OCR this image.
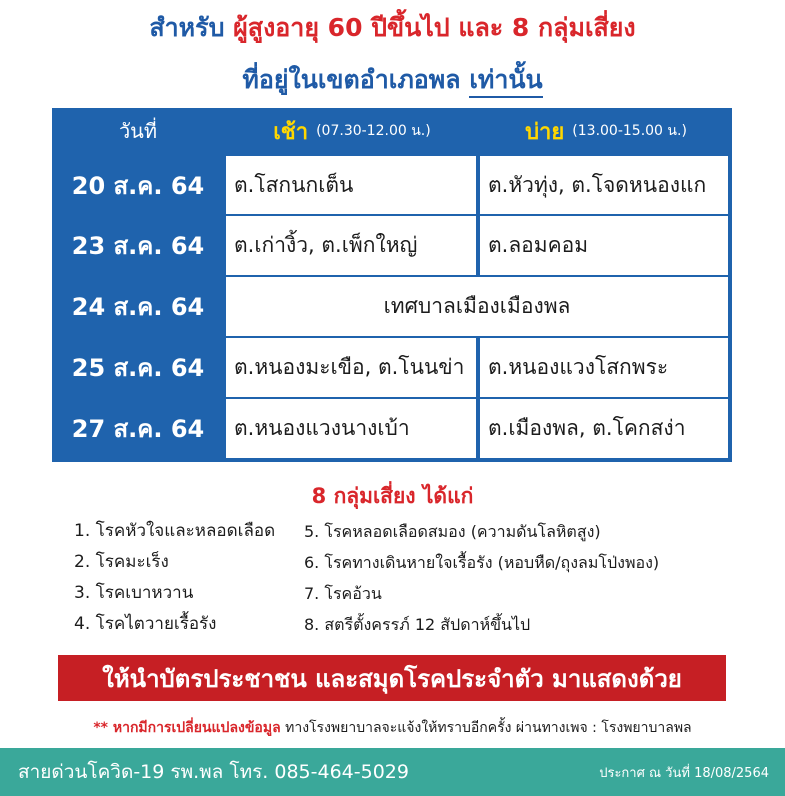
สำหรับ ผู้สูงอายุ 60 ปีขึ้นไป และ 8 กลุ่มเสี่ยง
ที่อยู่ในเขตอำเภอพล เท่านั้น
วันที่	เช้า (07.30-12.00 น.)	บ่าย (13.00-15.00 น.)
20 ส.ค. 64	ต.โสกนกเต็น	ต.หัวทุ่ง, ต.โจดหนองแก
23 ส.ค. 64	ต.เก่างิ้ว, ต.เพ็กใหญ่	ต.ลอมคอม
24 ส.ค. 64	เทศบาลเมืองเมืองพล
25 ส.ค. 64	ต.หนองมะเขือ, ต.โนนข่า	ต.หนองแวงโสกพระ
27 ส.ค. 64	ต.หนองแวงนางเบ้า	ต.เมืองพล, ต.โคกสง่า
8 กลุ่มเสี่ยง ได้แก่
1. โรคหัวใจและหลอดเลือด
2. โรคมะเร็ง
3. โรคเบาหวาน
4. โรคไตวายเรื้อรัง
5. โรคหลอดเลือดสมอง (ความดันโลหิตสูง)
6. โรคทางเดินหายใจเรื้อรัง (หอบหืด/ถุงลมโป่งพอง)
7. โรคอ้วน
8. สตรีตั้งครรภ์ 12 สัปดาห์ขึ้นไป
ให้นำบัตรประชาชน และสมุดโรคประจำตัว มาแสดงด้วย
** หากมีการเปลี่ยนแปลงข้อมูล ทางโรงพยาบาลจะแจ้งให้ทราบอีกครั้ง ผ่านทางเพจ : โรงพยาบาลพล
สายด่วนโควิด-19 รพ.พล โทร. 085-464-5029	ประกาศ ณ วันที่ 18/08/2564
